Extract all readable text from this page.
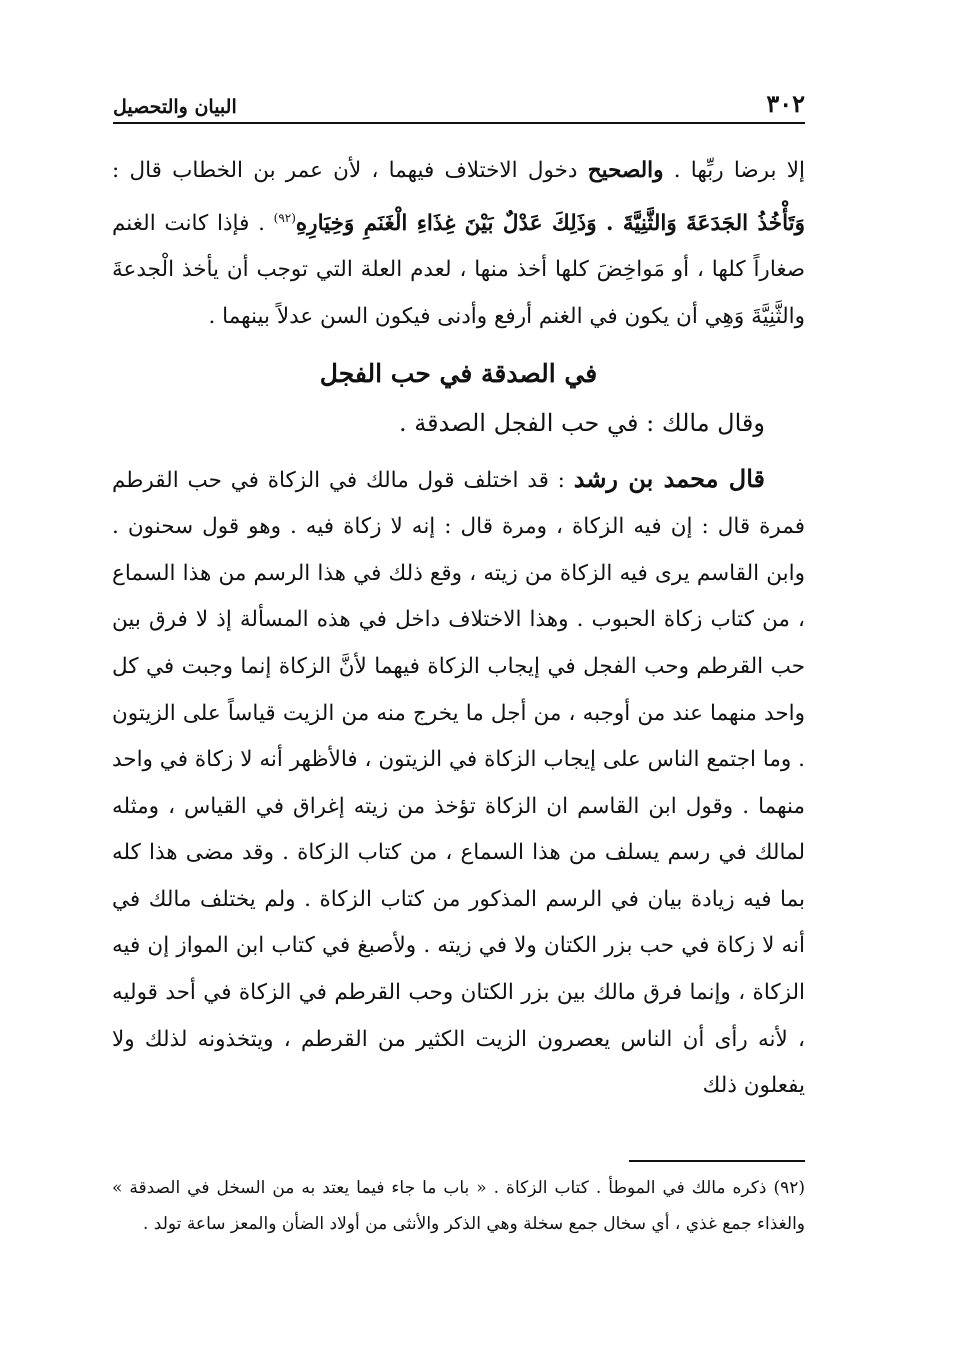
٣٠٢
البيان والتحصيل

إلا برضا ربِّها . والصحيح دخول الاختلاف فيهما ، لأن عمر بن الخطاب قال : وَتَأْخُذُ الجَدَعَةَ وَالثَّنِيَّةَ . وَذَلِكَ عَدْلٌ بَيْنَ غِذَاءِ الْغَنَمِ وَخِيَارِهِ$^{(٩٢)}$ . فإذا كانت الغنم صغاراً كلها ، أو مَواخِضَ كلها أخذ منها ، لعدم العلة التي توجب أن يأخذ الْجدعةَ والثَّنِيَّةَ وَهِي أن يكون في الغنم أرفع وأدنى فيكون السن عدلاً بينهما .

في الصدقة في حب الفجل

وقال مالك : في حب الفجل الصدقة .

قال محمد بن رشد : قد اختلف قول مالك في الزكاة في حب القرطم فمرة قال : إن فيه الزكاة ، ومرة قال : إنه لا زكاة فيه . وهو قول سحنون . وابن القاسم يرى فيه الزكاة من زيته ، وقع ذلك في هذا الرسم من هذا السماع ، من كتاب زكاة الحبوب . وهذا الاختلاف داخل في هذه المسألة إذ لا فرق بين حب القرطم وحب الفجل في إيجاب الزكاة فيهما لأنَّ الزكاة إنما وجبت في كل واحد منهما عند من أوجبه ، من أجل ما يخرج منه من الزيت قياساً على الزيتون . وما اجتمع الناس على إيجاب الزكاة في الزيتون ، فالأظهر أنه لا زكاة في واحد منهما . وقول ابن القاسم ان الزكاة تؤخذ من زيته إغراق في القياس ، ومثله لمالك في رسم يسلف من هذا السماع ، من كتاب الزكاة . وقد مضى هذا كله بما فيه زيادة بيان في الرسم المذكور من كتاب الزكاة . ولم يختلف مالك في أنه لا زكاة في حب بزر الكتان ولا في زيته . ولأصبغ في كتاب ابن المواز إن فيه الزكاة ، وإنما فرق مالك بين بزر الكتان وحب القرطم في الزكاة في أحد قوليه ، لأنه رأى أن الناس يعصرون الزيت الكثير من القرطم ، ويتخذونه لذلك ولا يفعلون ذلك

(٩٢) ذكره مالك في الموطأ . كتاب الزكاة . « باب ما جاء فيما يعتد به من السخل في الصدقة » والغذاء جمع غذي ، أي سخال جمع سخلة وهي الذكر والأنثى من أولاد الضأن والمعز ساعة تولد .
